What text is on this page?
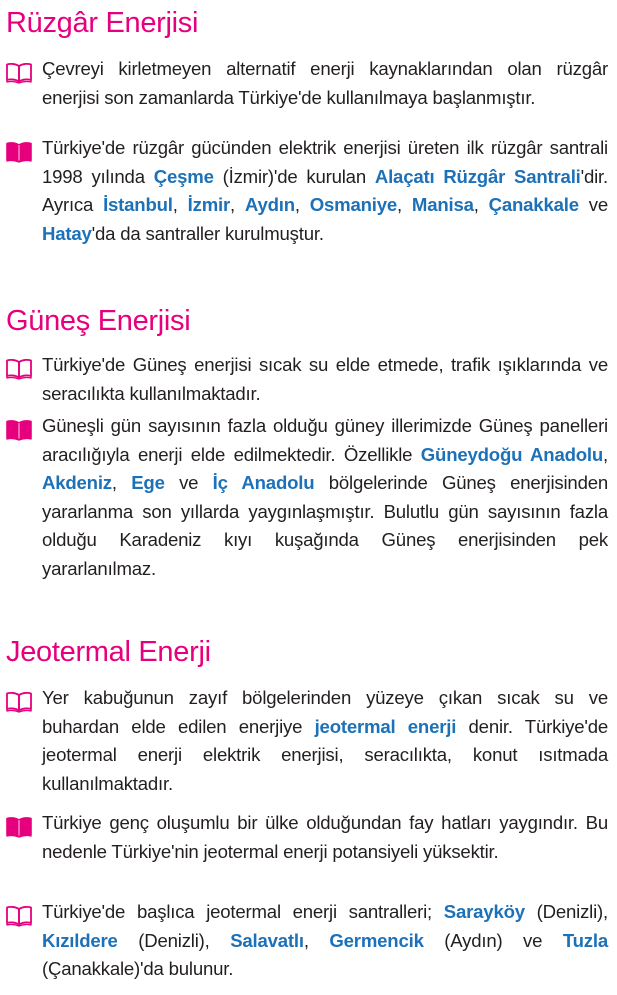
Rüzgâr Enerjisi

Çevreyi kirletmeyen alternatif enerji kaynaklarından olan rüzgâr enerjisi son zamanlarda Türkiye'de kullanılmaya başlanmıştır.

Türkiye'de rüzgâr gücünden elektrik enerjisi üreten ilk rüzgâr santrali 1998 yılında Çeşme (İzmir)'de kurulan Alaçatı Rüzgâr Santrali'dir. Ayrıca İstanbul, İzmir, Aydın, Osmaniye, Manisa, Çanakkale ve Hatay'da da santraller kurulmuştur.

Güneş Enerjisi

Türkiye'de Güneş enerjisi sıcak su elde etmede, trafik ışıklarında ve seracılıkta kullanılmaktadır.

Güneşli gün sayısının fazla olduğu güney illerimizde Güneş panelleri aracılığıyla enerji elde edilmektedir. Özellikle Güneydoğu Anadolu, Akdeniz, Ege ve İç Anadolu bölgelerinde Güneş enerjisinden yararlanma son yıllarda yaygınlaşmıştır. Bulutlu gün sayısının fazla olduğu Karadeniz kıyı kuşağında Güneş enerjisinden pek yararlanılmaz.

Jeotermal Enerji

Yer kabuğunun zayıf bölgelerinden yüzeye çıkan sıcak su ve buhardan elde edilen enerjiye jeotermal enerji denir. Türkiye'de jeotermal enerji elektrik enerjisi, seracılıkta, konut ısıtmada kullanılmaktadır.

Türkiye genç oluşumlu bir ülke olduğundan fay hatları yaygındır. Bu nedenle Türkiye'nin jeotermal enerji potansiyeli yüksektir.

Türkiye'de başlıca jeotermal enerji santralleri; Sarayköy (Denizli), Kızıldere (Denizli), Salavatlı, Germencik (Aydın) ve Tuzla (Çanakkale)'da bulunur.
